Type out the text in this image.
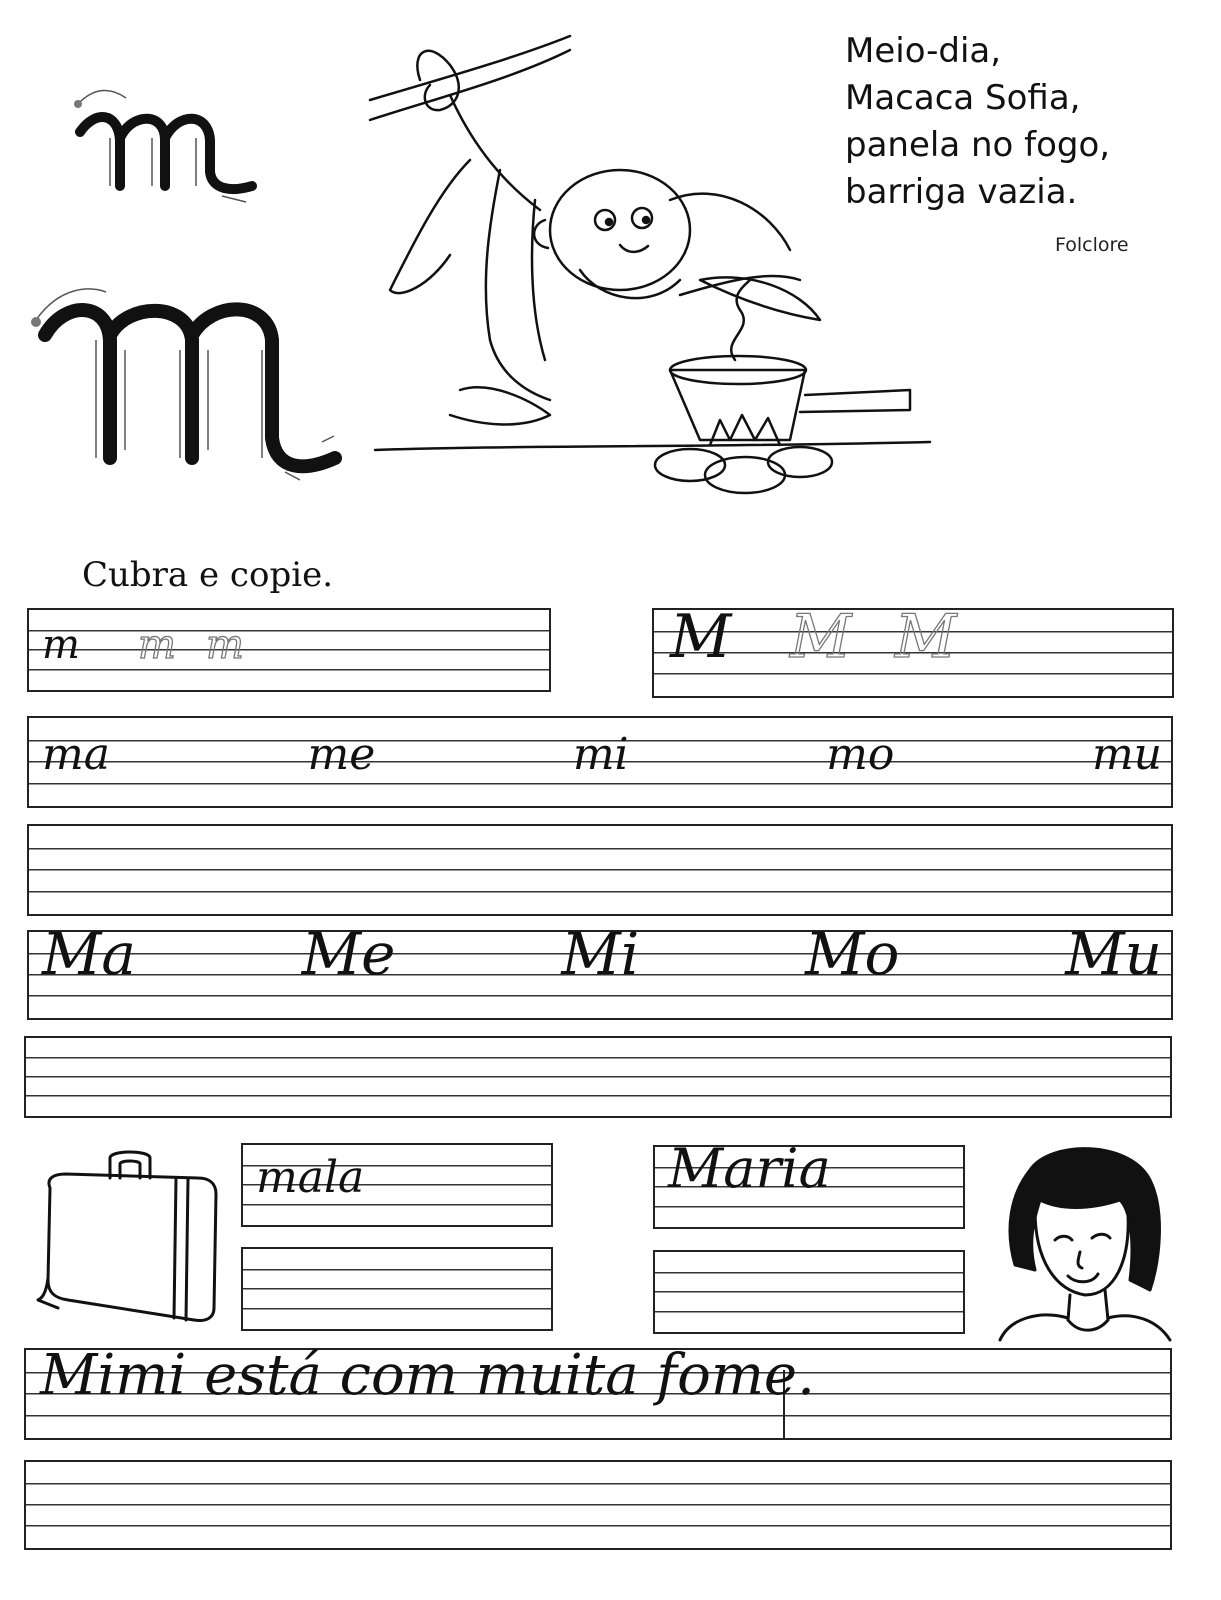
Meio-dia,
Macaca Sofia,
panela no fogo,
barriga vazia.
Folclore
Cubra e copie.
m m m	M M M
ma	me	mi	mo	mu
Ma	Me	Mi	Mo	Mu
mala	Maria
Mimi está com muita fome.
